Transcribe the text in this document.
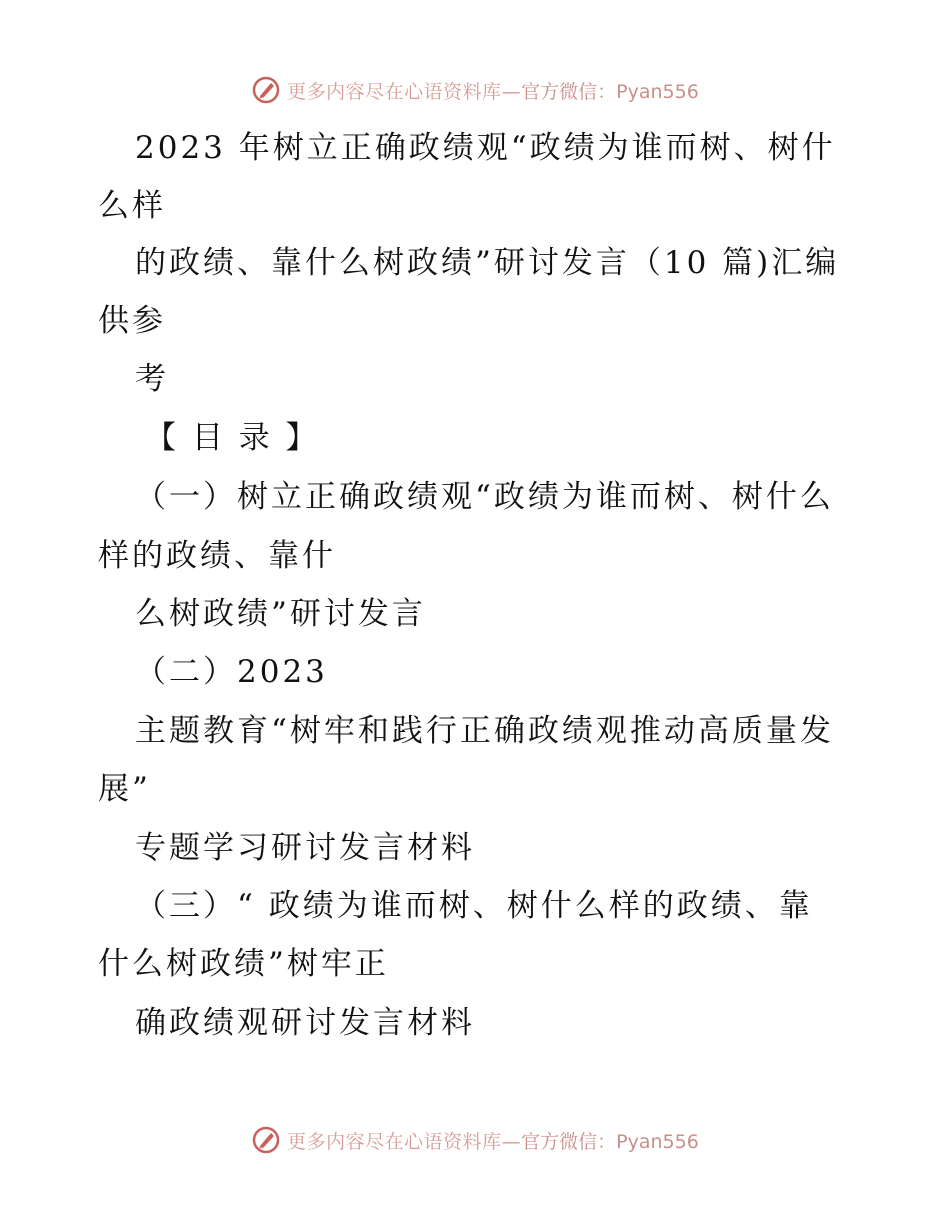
更多内容尽在心语资料库— 官方微信：Pyan556
2023 年树立正确政绩观“政绩为谁而树、树什
么样
的政绩、靠什么树政绩”研讨发言（10 篇)汇编
供参
考
【 目 录 】
（一）树立正确政绩观“政绩为谁而树、树什么
样的政绩、靠什
么树政绩”研讨发言
（二）2023
主题教育“树牢和践行正确政绩观推动高质量发
展”
专题学习研讨发言材料
（三）“ 政绩为谁而树、树什么样的政绩、靠
什么树政绩”树牢正
确政绩观研讨发言材料
更多内容尽在心语资料库— 官方微信：Pyan556
